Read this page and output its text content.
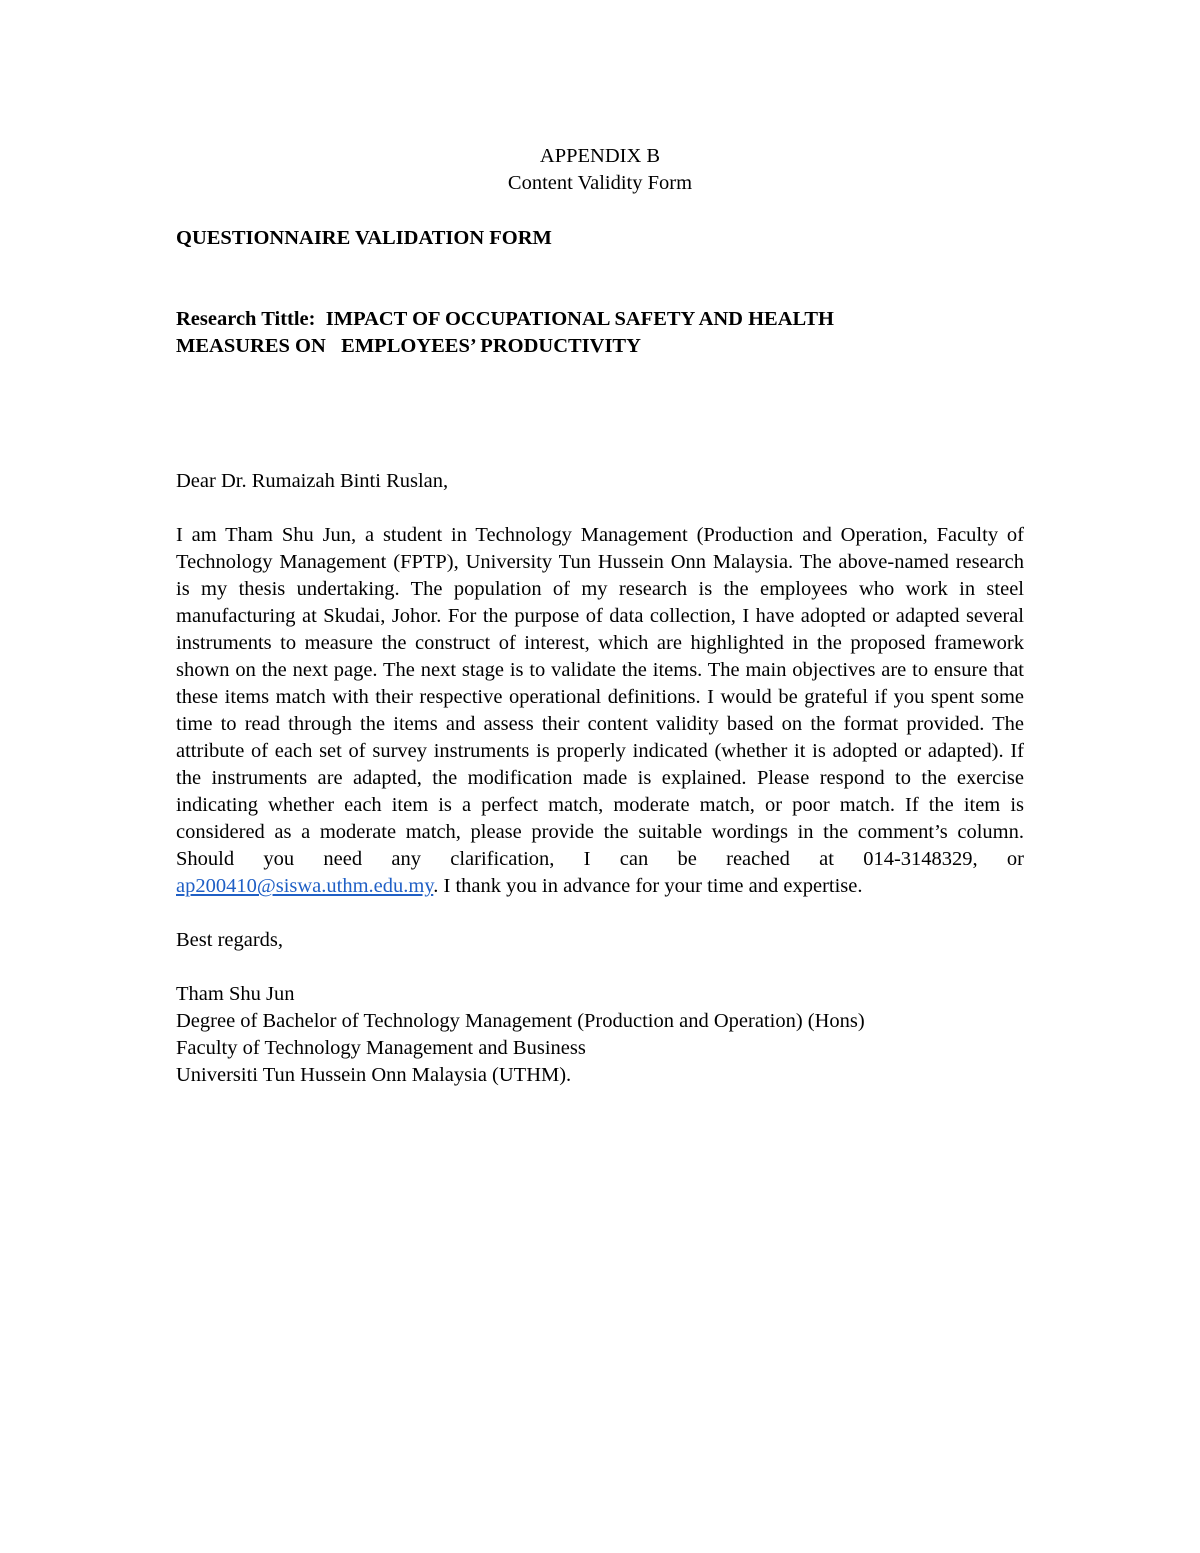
APPENDIX B
Content Validity Form
QUESTIONNAIRE VALIDATION FORM
Research Tittle: IMPACT OF OCCUPATIONAL SAFETY AND HEALTH
MEASURES ON   EMPLOYEES’ PRODUCTIVITY
Dear Dr. Rumaizah Binti Ruslan,
I am Tham Shu Jun, a student in Technology Management (Production and Operation, Faculty of Technology Management (FPTP), University Tun Hussein Onn Malaysia. The above-named research is my thesis undertaking. The population of my research is the employees who work in steel manufacturing at Skudai, Johor. For the purpose of data collection, I have adopted or adapted several instruments to measure the construct of interest, which are highlighted in the proposed framework shown on the next page. The next stage is to validate the items. The main objectives are to ensure that these items match with their respective operational definitions. I would be grateful if you spent some time to read through the items and assess their content validity based on the format provided. The attribute of each set of survey instruments is properly indicated (whether it is adopted or adapted). If the instruments are adapted, the modification made is explained. Please respond to the exercise indicating whether each item is a perfect match, moderate match, or poor match. If the item is considered as a moderate match, please provide the suitable wordings in the comment’s column. Should you need any clarification, I can be reached at 014-3148329, or ap200410@siswa.uthm.edu.my. I thank you in advance for your time and expertise.
Best regards,
Tham Shu Jun
Degree of Bachelor of Technology Management (Production and Operation) (Hons)
Faculty of Technology Management and Business
Universiti Tun Hussein Onn Malaysia (UTHM).
